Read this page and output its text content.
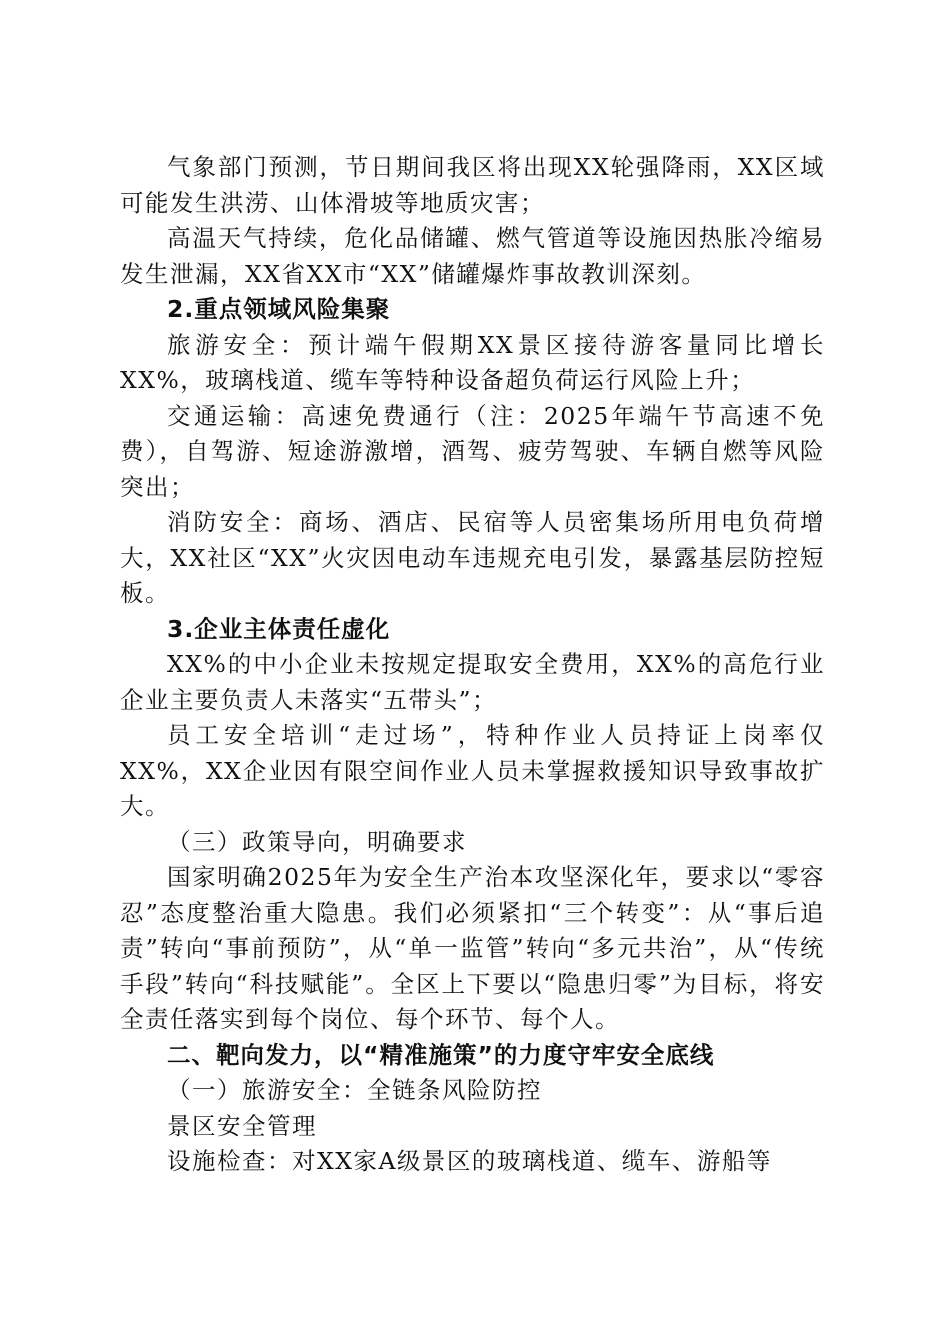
气象部门预测，节日期间我区将出现XX轮强降雨，XX区域可能发生洪涝、山体滑坡等地质灾害；

高温天气持续，危化品储罐、燃气管道等设施因热胀冷缩易发生泄漏，XX省XX市“XX”储罐爆炸事故教训深刻。

2.重点领域风险集聚

旅游安全：预计端午假期XX景区接待游客量同比增长XX%，玻璃栈道、缆车等特种设备超负荷运行风险上升；

交通运输：高速免费通行（注：2025年端午节高速不免费），自驾游、短途游激增，酒驾、疲劳驾驶、车辆自燃等风险突出；

消防安全：商场、酒店、民宿等人员密集场所用电负荷增大，XX社区“XX”火灾因电动车违规充电引发，暴露基层防控短板。

3.企业主体责任虚化

XX%的中小企业未按规定提取安全费用，XX%的高危行业企业主要负责人未落实“五带头”；

员工安全培训“走过场”，特种作业人员持证上岗率仅XX%，XX企业因有限空间作业人员未掌握救援知识导致事故扩大。

（三）政策导向，明确要求

国家明确2025年为安全生产治本攻坚深化年，要求以“零容忍”态度整治重大隐患。我们必须紧扣“三个转变”：从“事后追责”转向“事前预防”，从“单一监管”转向“多元共治”，从“传统手段”转向“科技赋能”。全区上下要以“隐患归零”为目标，将安全责任落实到每个岗位、每个环节、每个人。

二、靶向发力，以“精准施策”的力度守牢安全底线

（一）旅游安全：全链条风险防控

景区安全管理

设施检查：对XX家A级景区的玻璃栈道、缆车、游船等
